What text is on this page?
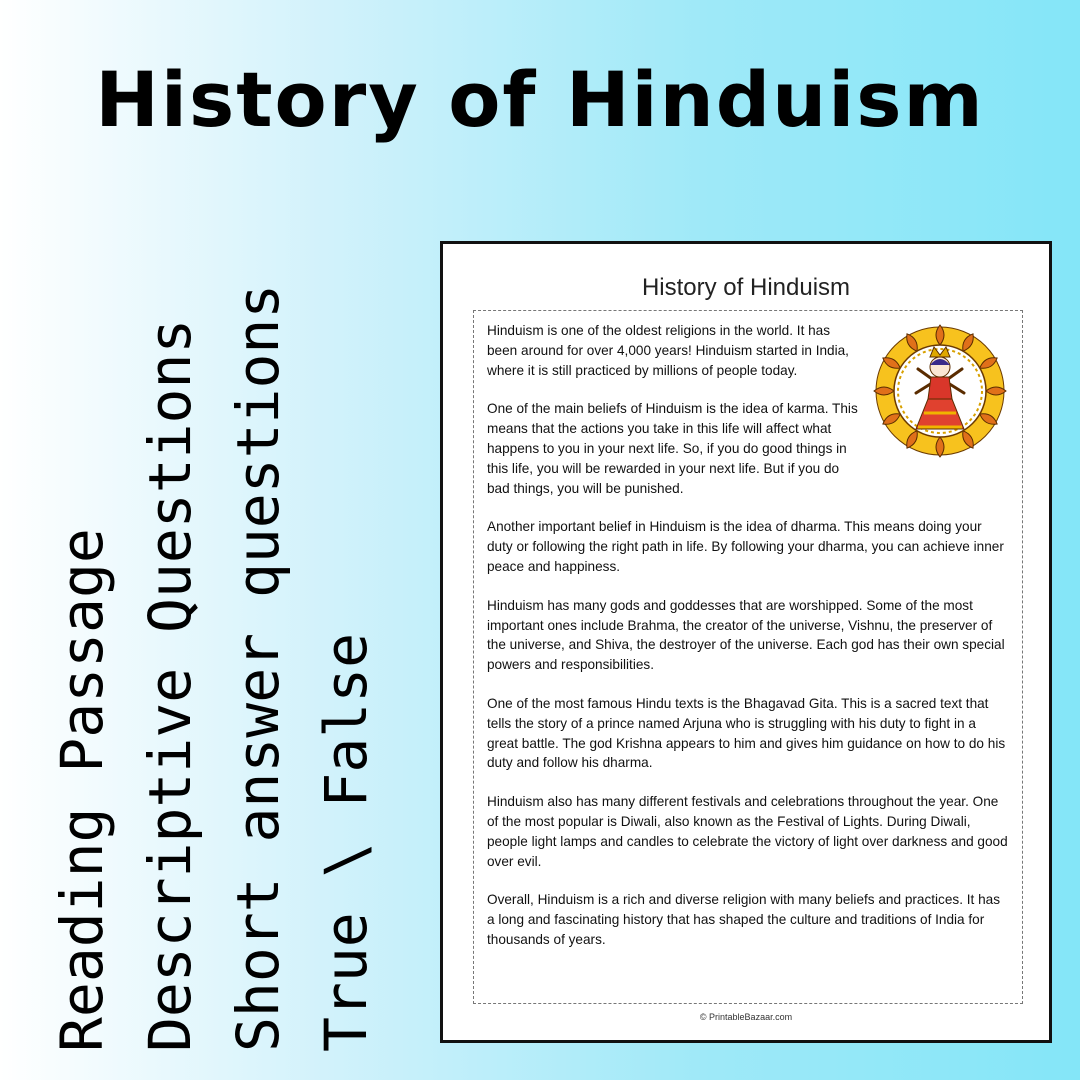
History of Hinduism
Reading Passage Descriptive Questions Short answer questions True \ False
History of Hinduism

Hinduism is one of the oldest religions in the world. It has been around for over 4,000 years! Hinduism started in India, where it is still practiced by millions of people today.

One of the main beliefs of Hinduism is the idea of karma. This means that the actions you take in this life will affect what happens to you in your next life. So, if you do good things in this life, you will be rewarded in your next life. But if you do bad things, you will be punished.

Another important belief in Hinduism is the idea of dharma. This means doing your duty or following the right path in life. By following your dharma, you can achieve inner peace and happiness.

Hinduism has many gods and goddesses that are worshipped. Some of the most important ones include Brahma, the creator of the universe, Vishnu, the preserver of the universe, and Shiva, the destroyer of the universe. Each god has their own special powers and responsibilities.

One of the most famous Hindu texts is the Bhagavad Gita. This is a sacred text that tells the story of a prince named Arjuna who is struggling with his duty to fight in a great battle. The god Krishna appears to him and gives him guidance on how to do his duty and follow his dharma.

Hinduism also has many different festivals and celebrations throughout the year. One of the most popular is Diwali, also known as the Festival of Lights. During Diwali, people light lamps and candles to celebrate the victory of light over darkness and good over evil.

Overall, Hinduism is a rich and diverse religion with many beliefs and practices. It has a long and fascinating history that has shaped the culture and traditions of India for thousands of years.

© PrintableBazaar.com
